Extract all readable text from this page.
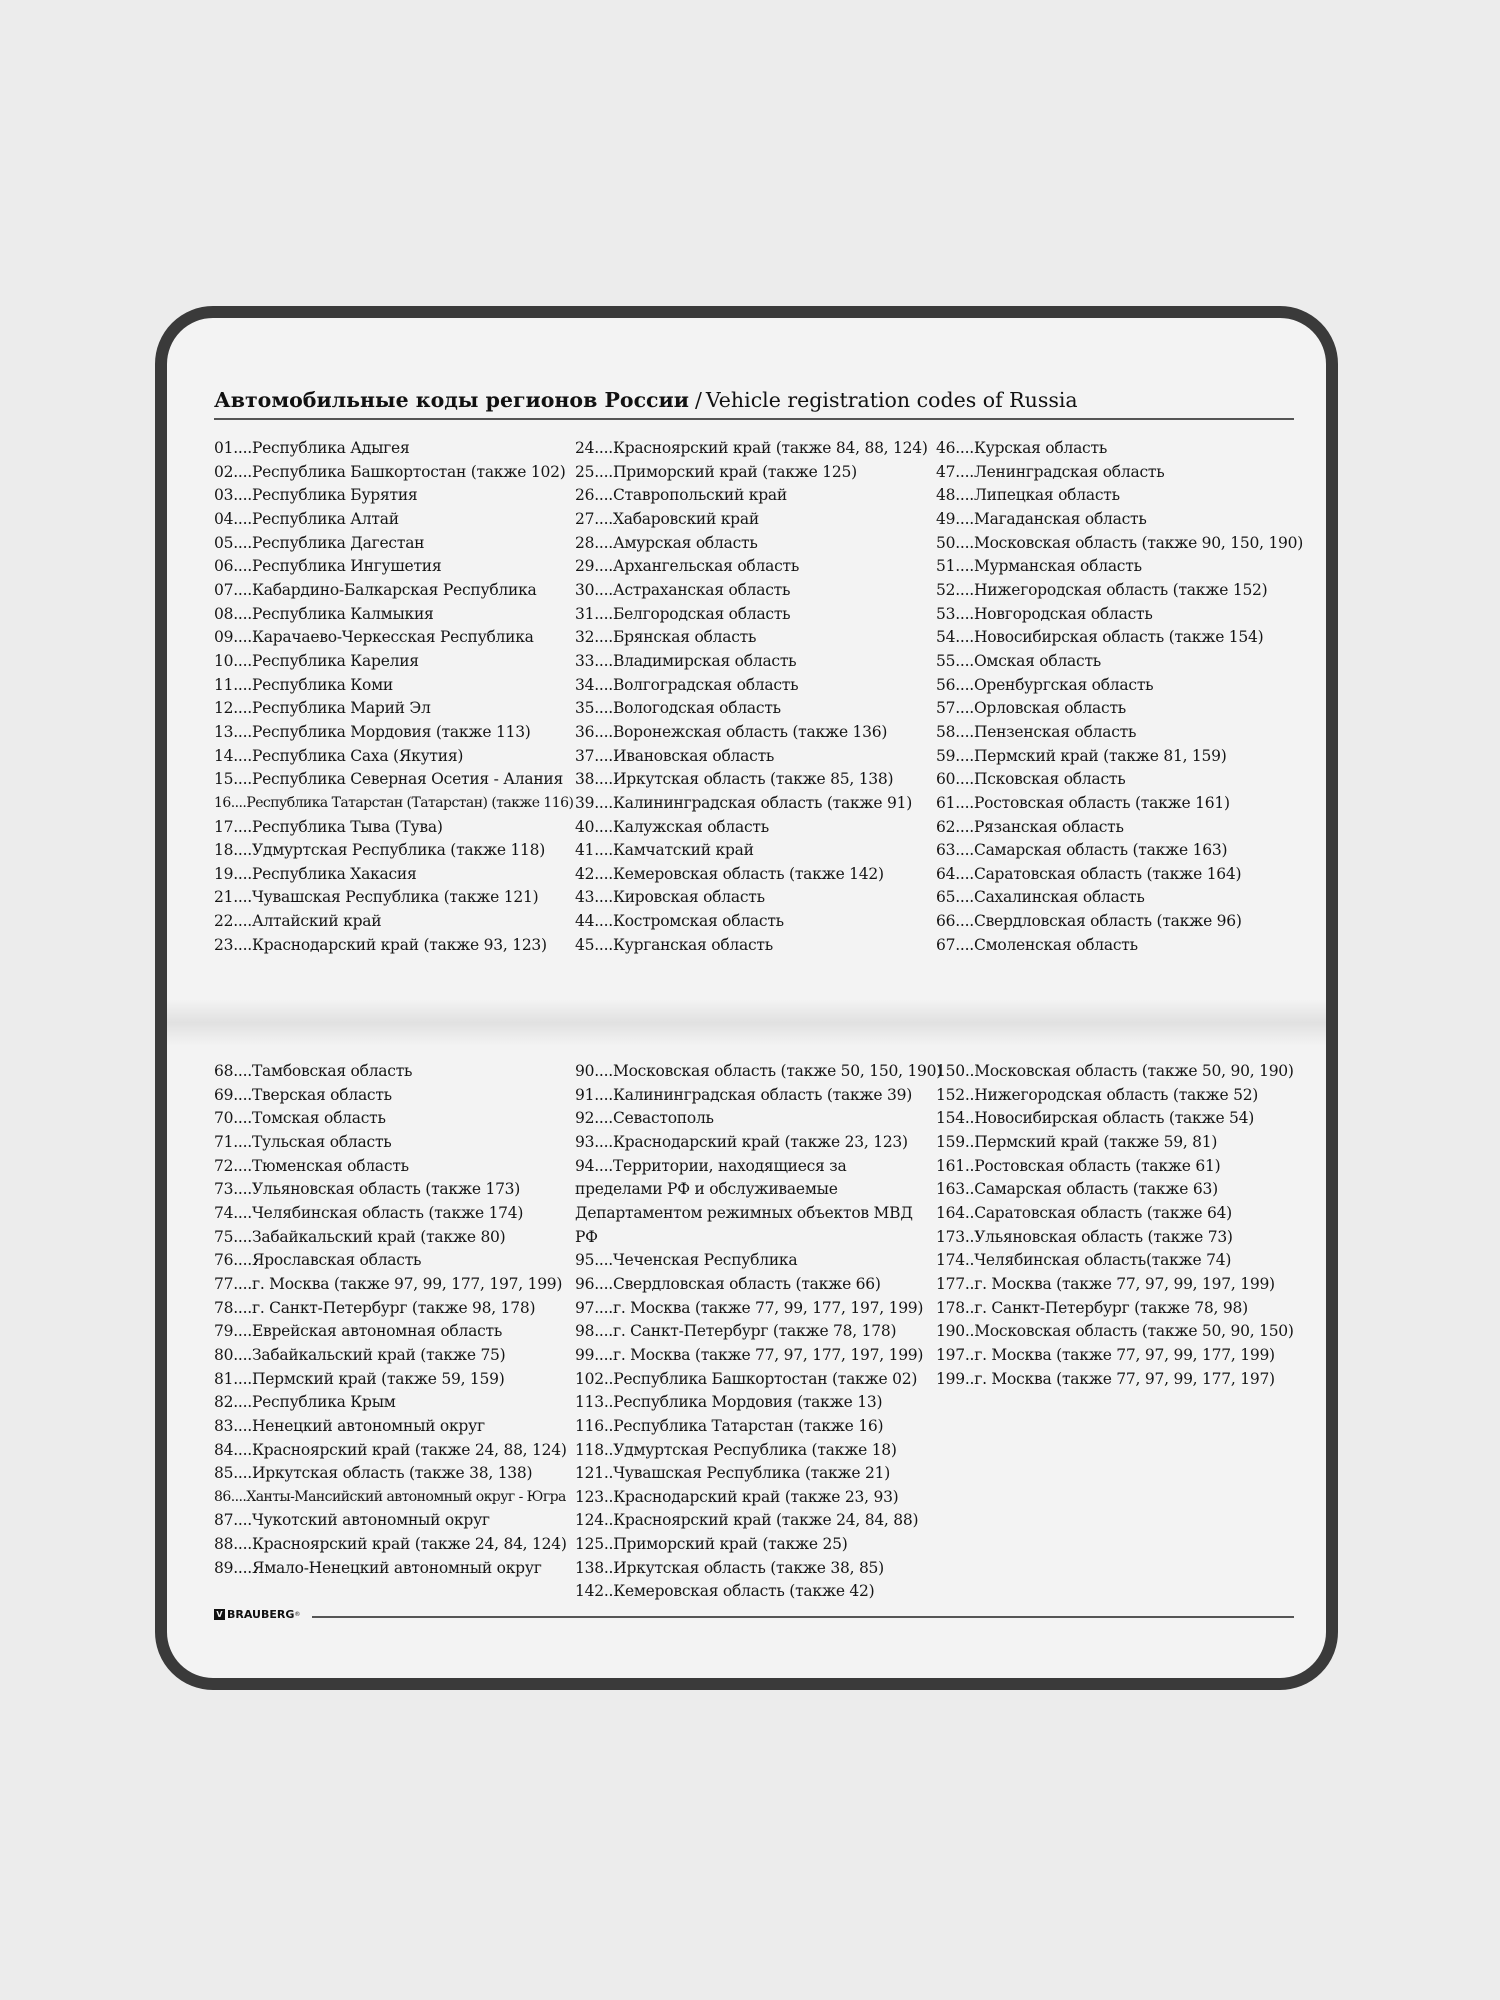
Автомобильные коды регионов России / Vehicle registration codes of Russia
01....Республика Адыгея
02....Республика Башкортостан (также 102)
03....Республика Бурятия
04....Республика Алтай
05....Республика Дагестан
06....Республика Ингушетия
07....Кабардино-Балкарская Республика
08....Республика Калмыкия
09....Карачаево-Черкесская Республика
10....Республика Карелия
11....Республика Коми
12....Республика Марий Эл
13....Республика Мордовия (также 113)
14....Республика Саха (Якутия)
15....Республика Северная Осетия - Алания
16....Республика Татарстан (Татарстан) (также 116)
17....Республика Тыва (Тува)
18....Удмуртская Республика (также 118)
19....Республика Хакасия
21....Чувашская Республика (также 121)
22....Алтайский край
23....Краснодарский край (также 93, 123)
24....Красноярский край (также 84, 88, 124)
25....Приморский край (также 125)
26....Ставропольский край
27....Хабаровский край
28....Амурская область
29....Архангельская область
30....Астраханская область
31....Белгородская область
32....Брянская область
33....Владимирская область
34....Волгоградская область
35....Вологодская область
36....Воронежская область (также 136)
37....Ивановская область
38....Иркутская область (также 85, 138)
39....Калининградская область (также 91)
40....Калужская область
41....Камчатский край
42....Кемеровская область (также 142)
43....Кировская область
44....Костромская область
45....Курганская область
46....Курская область
47....Ленинградская область
48....Липецкая область
49....Магаданская область
50....Московская область (также 90, 150, 190)
51....Мурманская область
52....Нижегородская область (также 152)
53....Новгородская область
54....Новосибирская область (также 154)
55....Омская область
56....Оренбургская область
57....Орловская область
58....Пензенская область
59....Пермский край (также 81, 159)
60....Псковская область
61....Ростовская область (также 161)
62....Рязанская область
63....Самарская область (также 163)
64....Саратовская область (также 164)
65....Сахалинская область
66....Свердловская область (также 96)
67....Смоленская область
68....Тамбовская область
69....Тверская область
70....Томская область
71....Тульская область
72....Тюменская область
73....Ульяновская область (также 173)
74....Челябинская область (также 174)
75....Забайкальский край (также 80)
76....Ярославская область
77....г. Москва (также 97, 99, 177, 197, 199)
78....г. Санкт-Петербург (также 98, 178)
79....Еврейская автономная область
80....Забайкальский край (также 75)
81....Пермский край (также 59, 159)
82....Республика Крым
83....Ненецкий автономный округ
84....Красноярский край (также 24, 88, 124)
85....Иркутская область (также 38, 138)
86....Ханты-Мансийский автономный округ - Югра
87....Чукотский автономный округ
88....Красноярский край (также 24, 84, 124)
89....Ямало-Ненецкий автономный округ
90....Московская область (также 50, 150, 190)
91....Калининградская область (также 39)
92....Севастополь
93....Краснодарский край (также 23, 123)
94....Территории, находящиеся за пределами РФ и обслуживаемые Департаментом режимных объектов МВД РФ
95....Чеченская Республика
96....Свердловская область (также 66)
97....г. Москва (также 77, 99, 177, 197, 199)
98....г. Санкт-Петербург (также 78, 178)
99....г. Москва (также 77, 97, 177, 197, 199)
102..Республика Башкортостан (также 02)
113..Республика Мордовия (также 13)
116..Республика Татарстан (также 16)
118..Удмуртская Республика (также 18)
121..Чувашская Республика (также 21)
123..Краснодарский край (также 23, 93)
124..Красноярский край (также 24, 84, 88)
125..Приморский край (также 25)
138..Иркутская область (также 38, 85)
142..Кемеровская область (также 42)
150..Московская область (также 50, 90, 190)
152..Нижегородская область (также 52)
154..Новосибирская область (также 54)
159..Пермский край (также 59, 81)
161..Ростовская область (также 61)
163..Самарская область (также 63)
164..Саратовская область (также 64)
173..Ульяновская область (также 73)
174..Челябинская область(также 74)
177..г. Москва (также 77, 97, 99, 197, 199)
178..г. Санкт-Петербург (также 78, 98)
190..Московская область (также 50, 90, 150)
197..г. Москва (также 77, 97, 99, 177, 199)
199..г. Москва (также 77, 97, 99, 177, 197)
V BRAUBERG ®
